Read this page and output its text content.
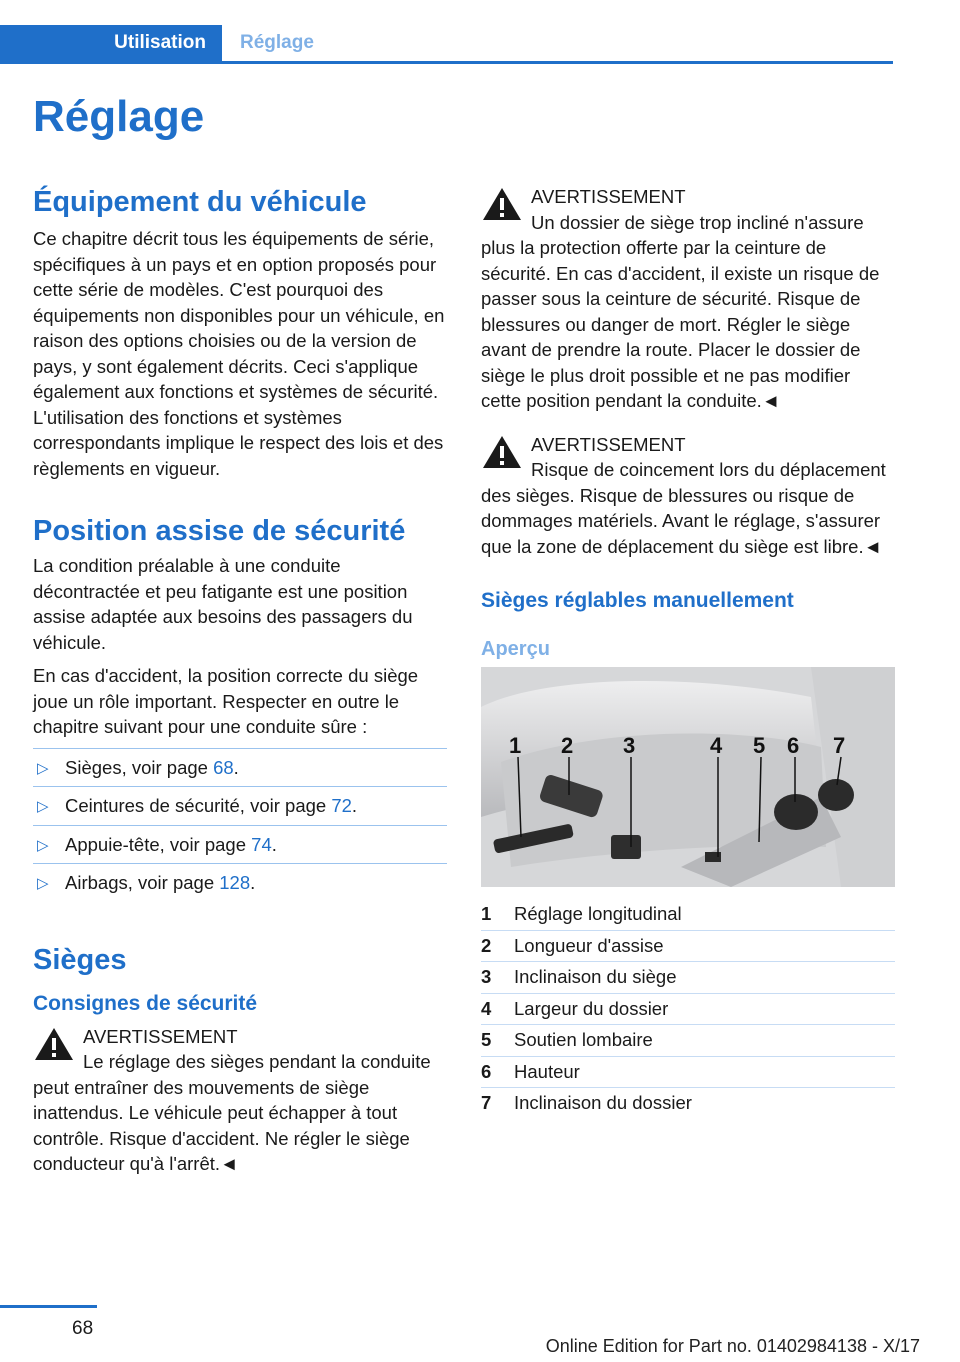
Utilisation	Réglage
Réglage
Équipement du véhicule

Ce chapitre décrit tous les équipements de série, spécifiques à un pays et en option proposés pour cette série de modèles. C'est pourquoi des équipements non disponibles pour un véhicule, en raison des options choisies ou de la version de pays, y sont également décrits. Ceci s'applique également aux fonctions et systèmes de sécurité. L'utilisation des fonctions et systèmes correspondants implique le respect des lois et des règlements en vigueur.

Position assise de sécurité

La condition préalable à une conduite décontractée et peu fatigante est une position assise adaptée aux besoins des passagers du véhicule.

En cas d'accident, la position correcte du siège joue un rôle important. Respecter en outre le chapitre suivant pour une conduite sûre :

▷ Sièges, voir page 68.
▷ Ceintures de sécurité, voir page 72.
▷ Appuie-tête, voir page 74.
▷ Airbags, voir page 128.
Sièges
Consignes de sécurité
AVERTISSEMENT
Le réglage des sièges pendant la conduite peut entraîner des mouvements de siège inattendus. Le véhicule peut échapper à tout contrôle. Risque d'accident. Ne régler le siège conducteur qu'à l'arrêt.◄
AVERTISSEMENT
Un dossier de siège trop incliné n'assure plus la protection offerte par la ceinture de sécurité. En cas d'accident, il existe un risque de passer sous la ceinture de sécurité. Risque de blessures ou danger de mort. Régler le siège avant de prendre la route. Placer le dossier de siège le plus droit possible et ne pas modifier cette position pendant la conduite.◄
AVERTISSEMENT
Risque de coincement lors du déplacement des sièges. Risque de blessures ou risque de dommages matériels. Avant le réglage, s'assurer que la zone de déplacement du siège est libre.◄
Sièges réglables manuellement
Aperçu
1 2 3	4 5 6 7
1	Réglage longitudinal
2	Longueur d'assise
3	Inclinaison du siège
4	Largeur du dossier
5	Soutien lombaire
6	Hauteur
7	Inclinaison du dossier
68
Online Edition for Part no. 01402984138 - X/17
